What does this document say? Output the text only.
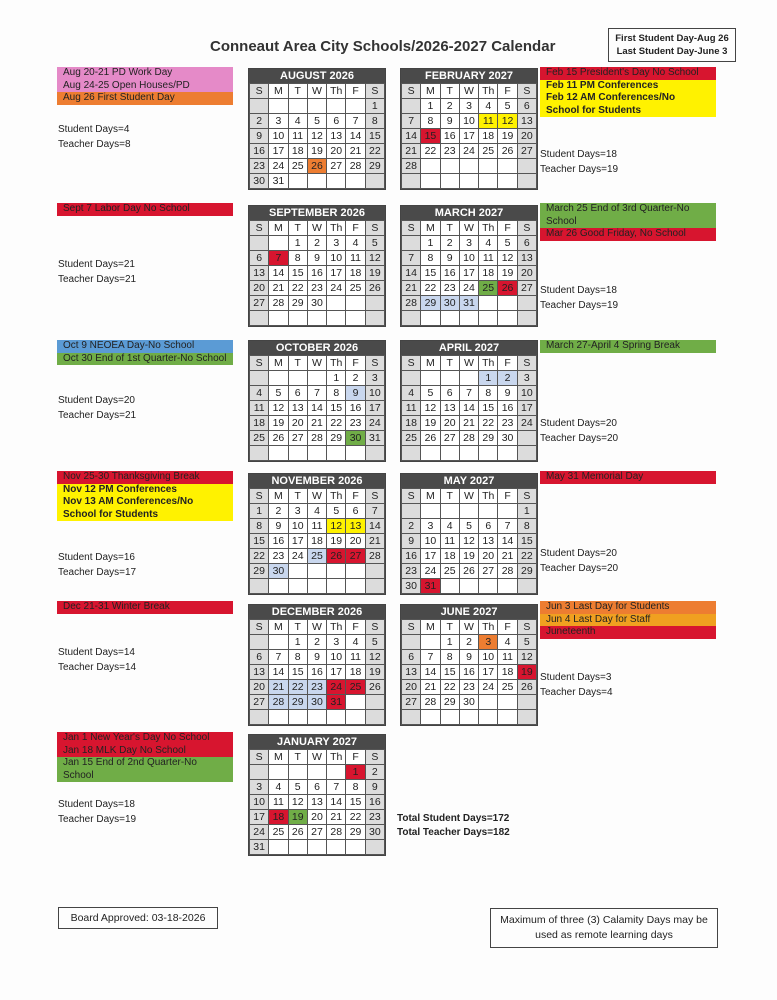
Conneaut Area City Schools/2026-2027 Calendar	First Student Day-Aug 26
Last Student Day-June 3
AUGUST 2026
S	M	T	W	Th	F	S
						1
2	3	4	5	6	7	8
9	10	11	12	13	14	15
16	17	18	19	20	21	22
23	24	25	26	27	28	29
30	31					
Aug 20-21 PD Work Day
Aug 24-25 Open Houses/PD
Aug 26 First Student Day
Student Days=4
Teacher Days=8
SEPTEMBER 2026
S	M	T	W	Th	F	S
		1	2	3	4	5
6	7	8	9	10	11	12
13	14	15	16	17	18	19
20	21	22	23	24	25	26
27	28	29	30			

Sept 7 Labor Day No School
Student Days=21
Teacher Days=21
OCTOBER 2026
S	M	T	W	Th	F	S
				1	2	3
4	5	6	7	8	9	10
11	12	13	14	15	16	17
18	19	20	21	22	23	24
25	26	27	28	29	30	31

Oct 9 NEOEA Day-No School
Oct 30 End of 1st Quarter-No School
Student Days=20
Teacher Days=21
NOVEMBER 2026
S	M	T	W	Th	F	S
1	2	3	4	5	6	7
8	9	10	11	12	13	14
15	16	17	18	19	20	21
22	23	24	25	26	27	28
29	30					

Nov 25-30 Thanksgiving Break
Nov 12 PM Conferences
Nov 13 AM Conferences/No School for Students
Student Days=16
Teacher Days=17
DECEMBER 2026
S	M	T	W	Th	F	S
		1	2	3	4	5
6	7	8	9	10	11	12
13	14	15	16	17	18	19
20	21	22	23	24	25	26
27	28	29	30	31		

Dec 21-31 Winter Break
Student Days=14
Teacher Days=14
JANUARY 2027
S	M	T	W	Th	F	S
					1	2
3	4	5	6	7	8	9
10	11	12	13	14	15	16
17	18	19	20	21	22	23
24	25	26	27	28	29	30
31						
Jan 1 New Year's Day No School
Jan 18 MLK Day No School
Jan 15 End of 2nd Quarter-No School
Student Days=18
Teacher Days=19
FEBRUARY 2027
S	M	T	W	Th	F	S
	1	2	3	4	5	6
7	8	9	10	11	12	13
14	15	16	17	18	19	20
21	22	23	24	25	26	27
28						

Feb 15 President's Day No School
Feb 11 PM Conferences
Feb 12 AM Conferences/No School for Students
Student Days=18
Teacher Days=19
MARCH 2027
S	M	T	W	Th	F	S
	1	2	3	4	5	6
7	8	9	10	11	12	13
14	15	16	17	18	19	20
21	22	23	24	25	26	27
28	29	30	31			

March 25 End of 3rd Quarter-No School
Mar 26 Good Friday, No School
Student Days=18
Teacher Days=19
APRIL 2027
S	M	T	W	Th	F	S
				1	2	3
4	5	6	7	8	9	10
11	12	13	14	15	16	17
18	19	20	21	22	23	24
25	26	27	28	29	30	

March 27-April 4 Spring Break
Student Days=20
Teacher Days=20
MAY 2027
S	M	T	W	Th	F	S
						1
2	3	4	5	6	7	8
9	10	11	12	13	14	15
16	17	18	19	20	21	22
23	24	25	26	27	28	29
30	31					
May 31 Memorial Day
Student Days=20
Teacher Days=20
JUNE 2027
S	M	T	W	Th	F	S
		1	2	3	4	5
6	7	8	9	10	11	12
13	14	15	16	17	18	19
20	21	22	23	24	25	26
27	28	29	30			

Jun 3 Last Day for Students
Jun 4 Last Day for Staff
Juneteenth
Student Days=3
Teacher Days=4
Total Student Days=172
Total Teacher Days=182
Board Approved: 03-18-2026	Maximum of three (3) Calamity Days may be used as remote learning days
